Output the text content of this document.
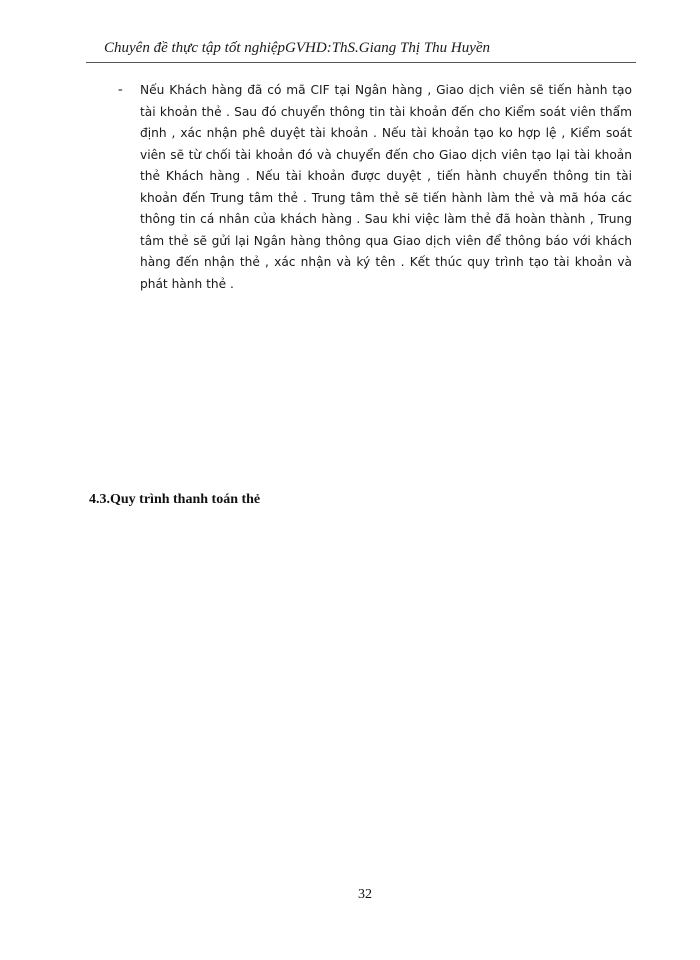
Chuyên đề thực tập tốt nghiệpGVHD:ThS.Giang Thị Thu Huyền
- Nếu Khách hàng đã có mã CIF tại Ngân hàng , Giao dịch viên sẽ tiến hành tạo tài khoản thẻ . Sau đó chuyển thông tin tài khoản đến cho Kiểm soát viên thẩm định , xác nhận phê duyệt tài khoản . Nếu tài khoản tạo ko hợp lệ , Kiểm soát viên sẽ từ chối tài khoản đó và chuyển đến cho Giao dịch viên tạo lại tài khoản thẻ Khách hàng . Nếu tài khoản được duyệt , tiến hành chuyển thông tin tài khoản đến Trung tâm thẻ . Trung tâm thẻ sẽ tiến hành làm thẻ và mã hóa các thông tin cá nhân của khách hàng . Sau khi việc làm thẻ đã hoàn thành , Trung tâm thẻ sẽ gửi lại Ngân hàng thông qua Giao dịch viên để thông báo với khách hàng đến nhận thẻ , xác nhận và ký tên . Kết thúc quy trình tạo tài khoản và phát hành thẻ .
4.3.Quy trình thanh toán thẻ
32
